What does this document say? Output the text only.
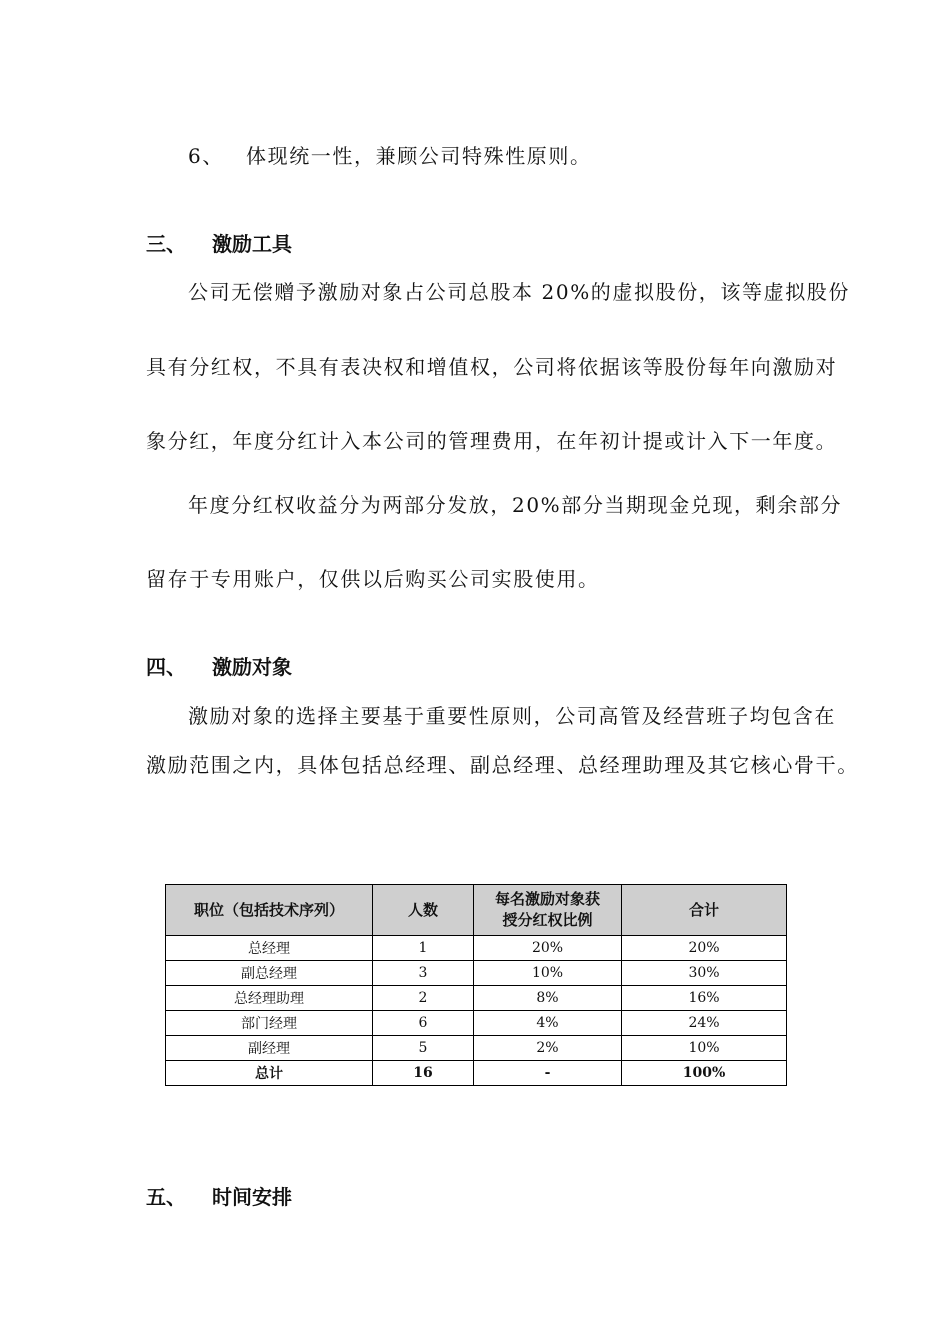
6、 体现统一性，兼顾公司特殊性原则。
三、 激励工具
公司无偿赠予激励对象占公司总股本 20%的虚拟股份，该等虚拟股份
具有分红权，不具有表决权和增值权，公司将依据该等股份每年向激励对
象分红，年度分红计入本公司的管理费用，在年初计提或计入下一年度。
年度分红权收益分为两部分发放，20%部分当期现金兑现，剩余部分
留存于专用账户，仅供以后购买公司实股使用。
四、 激励对象
激励对象的选择主要基于重要性原则，公司高管及经营班子均包含在
激励范围之内，具体包括总经理、副总经理、总经理助理及其它核心骨干。
职位（包括技术序列）	人数	每名激励对象获
授分红权比例	合计
总经理	1	20%	20%
副总经理	3	10%	30%
总经理助理	2	8%	16%
部门经理	6	4%	24%
副经理	5	2%	10%
总计	16	-	100%
五、 时间安排
